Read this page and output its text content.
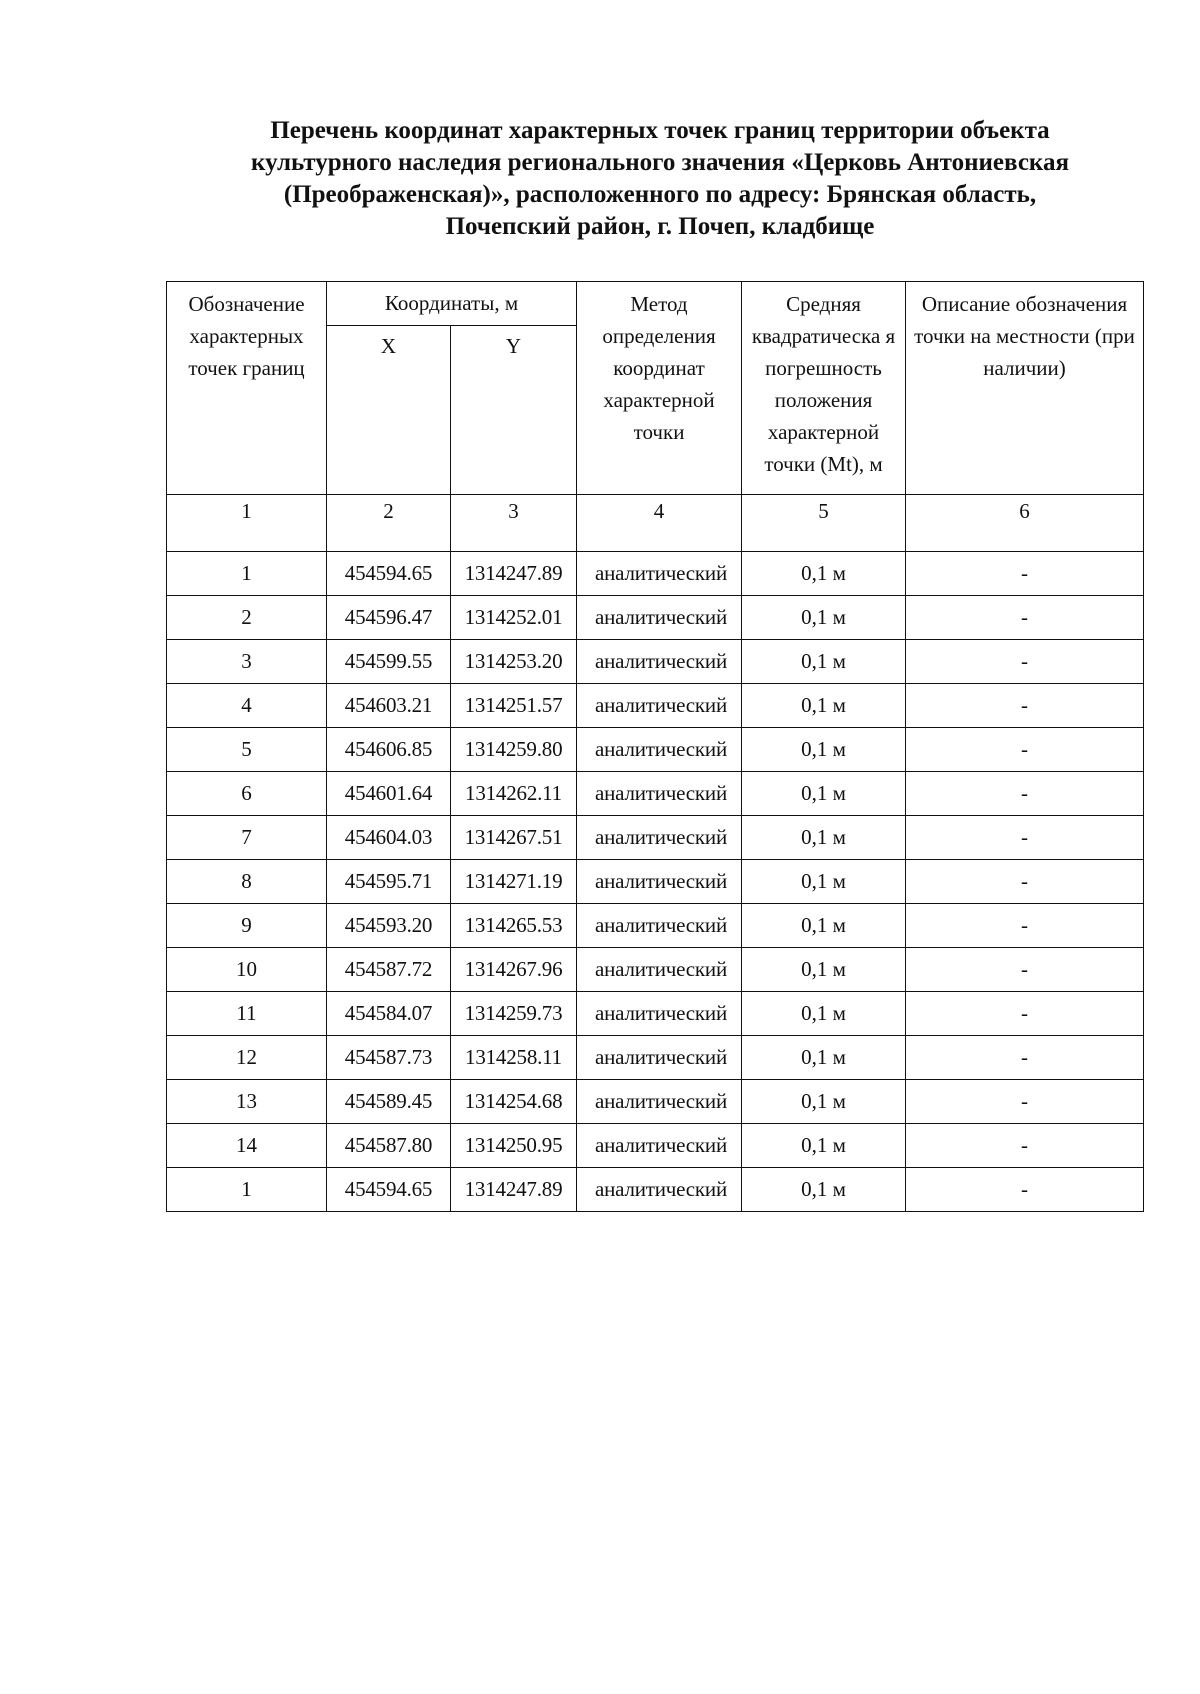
Перечень координат характерных точек границ территории объекта
культурного наследия регионального значения «Церковь Антониевская
(Преображенская)», расположенного по адресу: Брянская область,
Почепский район, г. Почеп, кладбище
Обозначение характерных точек границ	Координаты, м		Метод определения координат характерной точки	Средняя квадратическа я погрешность положения характерной точки (Mt), м	Описание обозначения точки на местности (при наличии)
	X	Y			
1	2	3	4	5	6
1	454594.65	1314247.89	аналитический	0,1 м	-
2	454596.47	1314252.01	аналитический	0,1 м	-
3	454599.55	1314253.20	аналитический	0,1 м	-
4	454603.21	1314251.57	аналитический	0,1 м	-
5	454606.85	1314259.80	аналитический	0,1 м	-
6	454601.64	1314262.11	аналитический	0,1 м	-
7	454604.03	1314267.51	аналитический	0,1 м	-
8	454595.71	1314271.19	аналитический	0,1 м	-
9	454593.20	1314265.53	аналитический	0,1 м	-
10	454587.72	1314267.96	аналитический	0,1 м	-
11	454584.07	1314259.73	аналитический	0,1 м	-
12	454587.73	1314258.11	аналитический	0,1 м	-
13	454589.45	1314254.68	аналитический	0,1 м	-
14	454587.80	1314250.95	аналитический	0,1 м	-
1	454594.65	1314247.89	аналитический	0,1 м	-
